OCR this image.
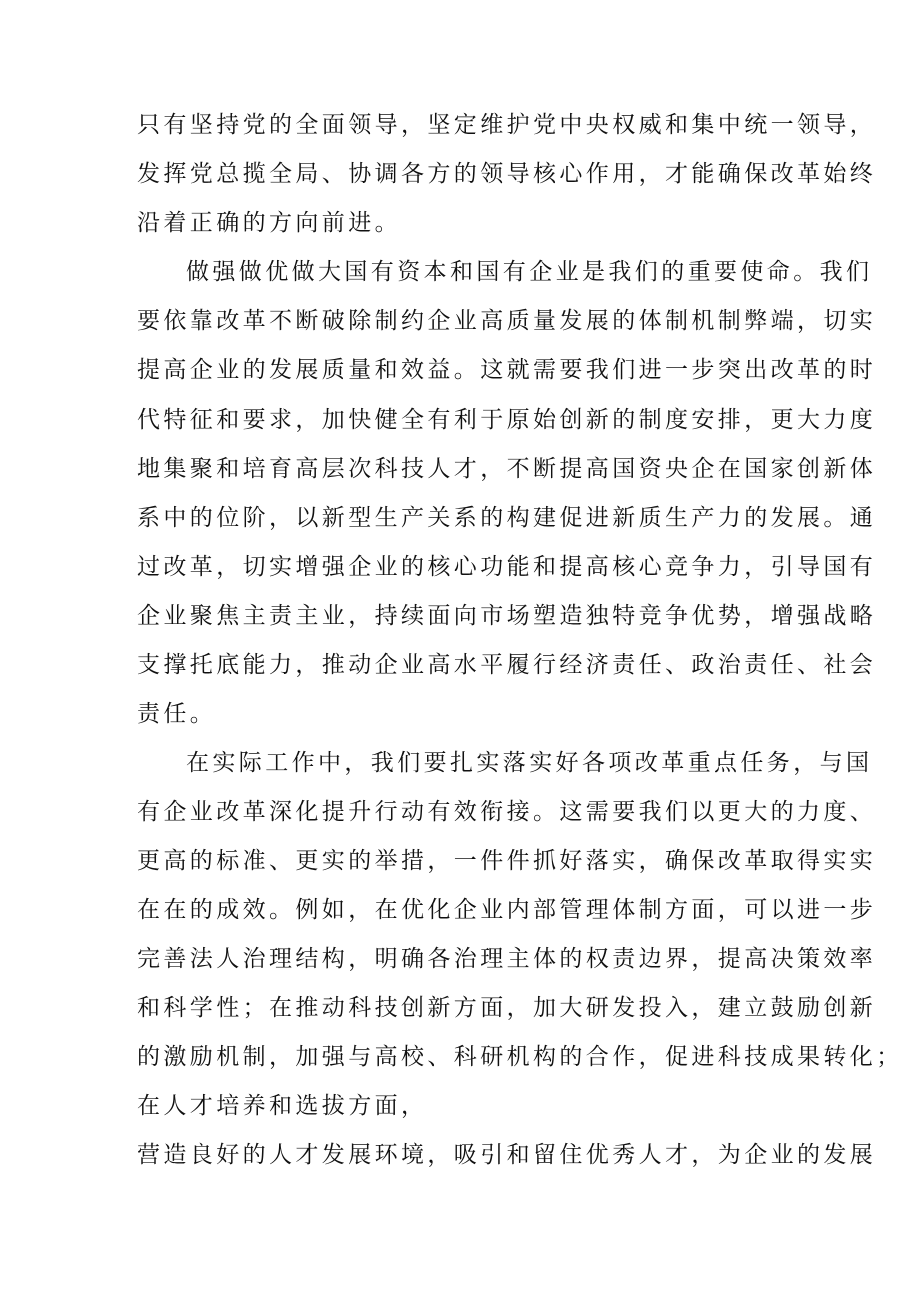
只有坚持党的全面领导，坚定维护党中央权威和集中统一领导，
发挥党总揽全局、协调各方的领导核心作用，才能确保改革始终
沿着正确的方向前进。
做强做优做大国有资本和国有企业是我们的重要使命。我们
要依靠改革不断破除制约企业高质量发展的体制机制弊端，切实
提高企业的发展质量和效益。这就需要我们进一步突出改革的时
代特征和要求，加快健全有利于原始创新的制度安排，更大力度
地集聚和培育高层次科技人才，不断提高国资央企在国家创新体
系中的位阶，以新型生产关系的构建促进新质生产力的发展。通
过改革，切实增强企业的核心功能和提高核心竞争力，引导国有
企业聚焦主责主业，持续面向市场塑造独特竞争优势，增强战略
支撑托底能力，推动企业高水平履行经济责任、政治责任、社会
责任。
在实际工作中，我们要扎实落实好各项改革重点任务，与国
有企业改革深化提升行动有效衔接。这需要我们以更大的力度、
更高的标准、更实的举措，一件件抓好落实，确保改革取得实实
在在的成效。例如，在优化企业内部管理体制方面，可以进一步
完善法人治理结构，明确各治理主体的权责边界，提高决策效率
和科学性；在推动科技创新方面，加大研发投入，建立鼓励创新
的激励机制，加强与高校、科研机构的合作，促进科技成果转化；
在人才培养和选拔方面，
营造良好的人才发展环境，吸引和留住优秀人才，为企业的发展
